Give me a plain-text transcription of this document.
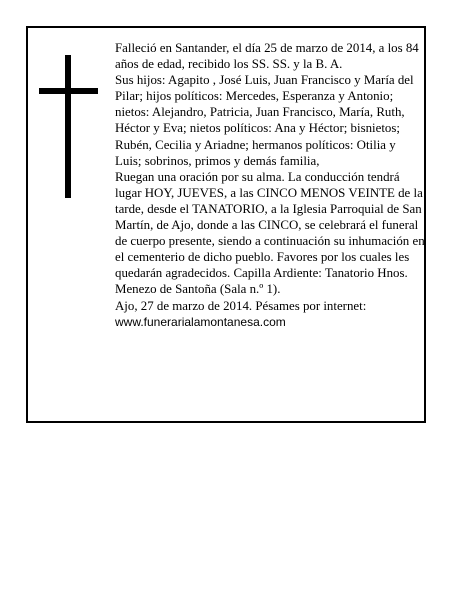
Falleció en Santander, el día 25 de marzo de 2014, a los 84 años de edad, recibido los SS. SS. y la B. A.

Sus hijos: Agapito , José Luis, Juan Francisco y María del Pilar; hijos políticos: Mercedes, Esperanza y Antonio; nietos: Alejandro, Patricia, Juan Francisco, María, Ruth, Héctor y Eva; nietos políticos: Ana y Héctor; bisnietos; Rubén, Cecilia y Ariadne; hermanos políticos: Otilia y Luis; sobrinos, primos y demás familia,

Ruegan una oración por su alma. La conducción tendrá lugar HOY, JUEVES, a las CINCO MENOS VEINTE de la tarde, desde el TANATORIO, a la Iglesia Parroquial de San Martín, de Ajo, donde a las CINCO, se celebrará el funeral de cuerpo presente, siendo a continuación su inhumación en el cementerio de dicho pueblo. Favores por los cuales les quedarán agradecidos. Capilla Ardiente: Tanatorio Hnos. Menezo de Santoña (Sala n.º 1).

Ajo, 27 de marzo de 2014. Pésames por internet:

www.funerarialamontanesa.com
